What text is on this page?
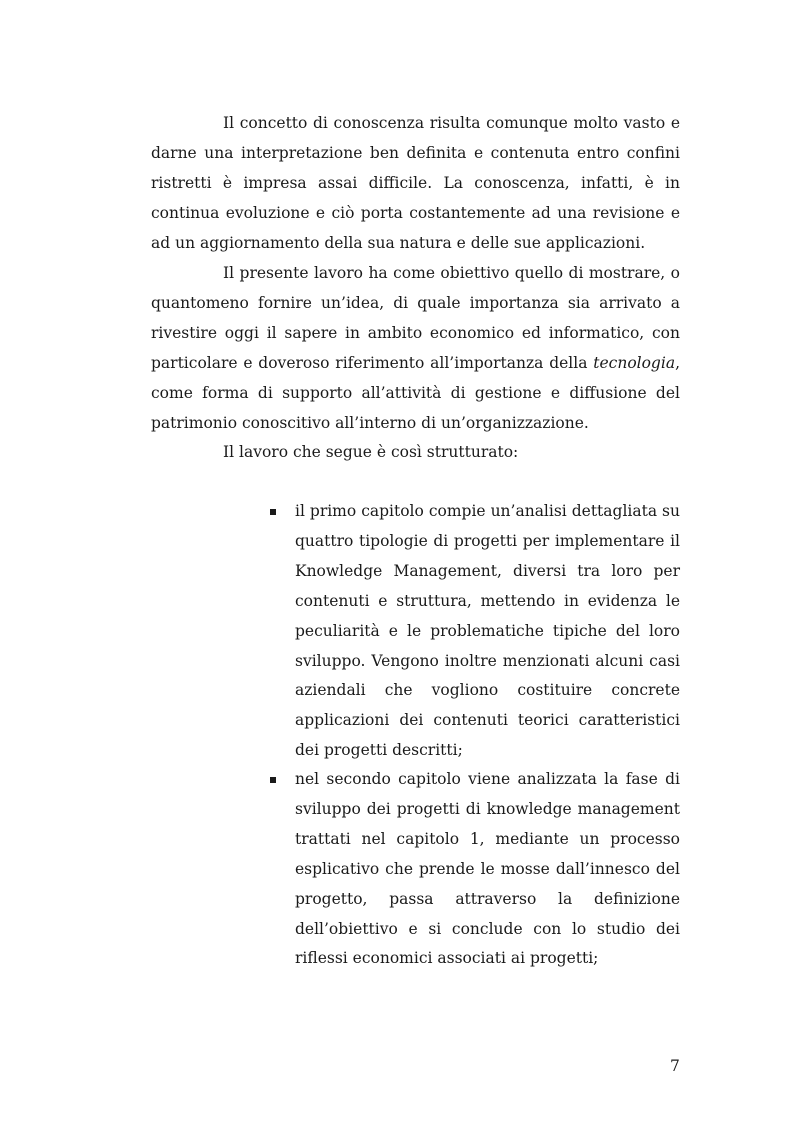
Il concetto di conoscenza risulta comunque molto vasto e darne una interpretazione ben definita e contenuta entro confini ristretti è impresa assai difficile. La conoscenza, infatti, è in continua evoluzione e ciò porta costantemente ad una revisione e ad un aggiornamento della sua natura e delle sue applicazioni.

Il presente lavoro ha come obiettivo quello di mostrare, o quantomeno fornire un’idea, di quale importanza sia arrivato a rivestire oggi il sapere in ambito economico ed informatico, con particolare e doveroso riferimento all’importanza della tecnologia, come forma di supporto all’attività di gestione e diffusione del patrimonio conoscitivo all’interno di un’organizzazione.

Il lavoro che segue è così strutturato:

il primo capitolo compie un’analisi dettagliata su quattro tipologie di progetti per implementare il Knowledge Management, diversi tra loro per contenuti e struttura, mettendo in evidenza le peculiarità e le problematiche tipiche del loro sviluppo. Vengono inoltre menzionati alcuni casi aziendali che vogliono costituire concrete applicazioni dei contenuti teorici caratteristici dei progetti descritti;
nel secondo capitolo viene analizzata la fase di sviluppo dei progetti di knowledge management trattati nel capitolo 1, mediante un processo esplicativo che prende le mosse dall’innesco del progetto, passa attraverso la definizione dell’obiettivo e si conclude con lo studio dei riflessi economici associati ai progetti;

7
